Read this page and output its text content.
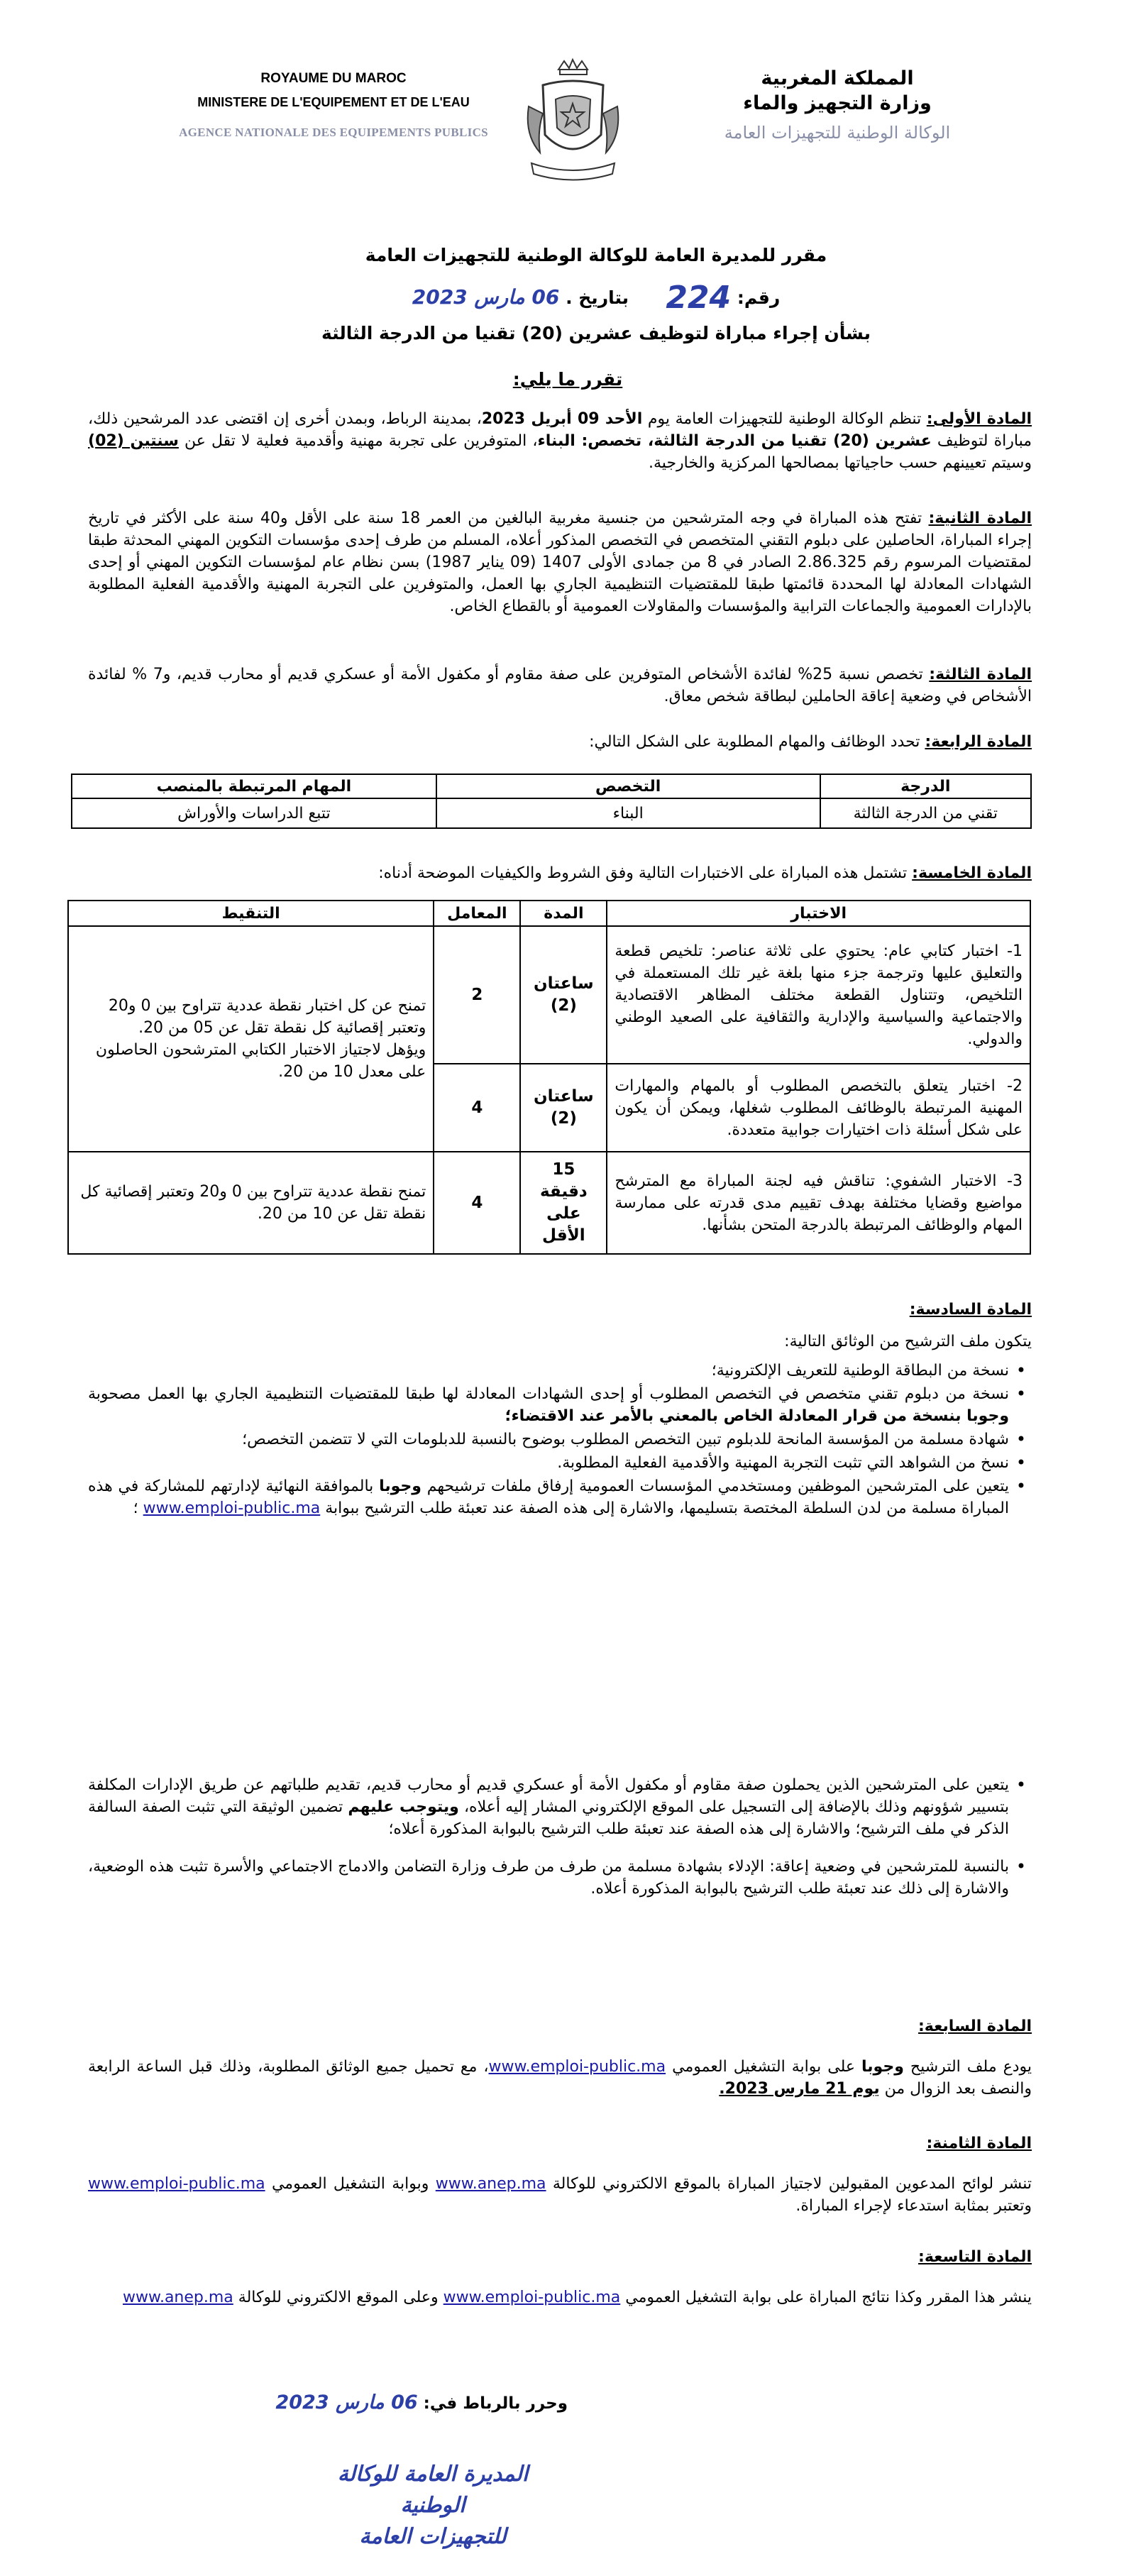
ROYAUME DU MAROC
MINISTERE DE L'EQUIPEMENT ET DE L'EAU
AGENCE NATIONALE DES EQUIPEMENTS PUBLICS
المملكة المغربية
وزارة التجهيز والماء
الوكالة الوطنية للتجهيزات العامة
مقرر للمديرة العامة للوكالة الوطنية للتجهيزات العامة
رقم: 224      بتاريخ . 06 مارس 2023
بشأن إجراء مباراة لتوظيف عشرين (20) تقنيا من الدرجة الثالثة
تقرر ما يلي:
المادة الأولى: تنظم الوكالة الوطنية للتجهيزات العامة يوم الأحد 09 أبريل 2023، بمدينة الرباط، وبمدن أخرى إن اقتضى عدد المرشحين ذلك، مباراة لتوظيف عشرين (20) تقنيا من الدرجة الثالثة، تخصص: البناء، المتوفرين على تجربة مهنية وأقدمية فعلية لا تقل عن سنتين (02) وسيتم تعيينهم حسب حاجياتها بمصالحها المركزية والخارجية.
المادة الثانية: تفتح هذه المباراة في وجه المترشحين من جنسية مغربية البالغين من العمر 18 سنة على الأقل و40 سنة على الأكثر في تاريخ إجراء المباراة، الحاصلين على دبلوم التقني المتخصص في التخصص المذكور أعلاه، المسلم من طرف إحدى مؤسسات التكوين المهني المحدثة طبقا لمقتضيات المرسوم رقم 2.86.325 الصادر في 8 من جمادى الأولى 1407 (09 يناير 1987) بسن نظام عام لمؤسسات التكوين المهني أو إحدى الشهادات المعادلة لها المحددة قائمتها طبقا للمقتضيات التنظيمية الجاري بها العمل، والمتوفرين على التجربة المهنية والأقدمية الفعلية المطلوبة بالإدارات العمومية والجماعات الترابية والمؤسسات والمقاولات العمومية أو بالقطاع الخاص.
المادة الثالثة: تخصص نسبة 25% لفائدة الأشخاص المتوفرين على صفة مقاوم أو مكفول الأمة أو عسكري قديم أو محارب قديم، و7 % لفائدة الأشخاص في وضعية إعاقة الحاملين لبطاقة شخص معاق.
المادة الرابعة: تحدد الوظائف والمهام المطلوبة على الشكل التالي:
الدرجة	التخصص	المهام المرتبطة بالمنصب
تقني من الدرجة الثالثة	البناء	تتبع الدراسات والأوراش
المادة الخامسة: تشتمل هذه المباراة على الاختبارات التالية وفق الشروط والكيفيات الموضحة أدناه:
الاختبار	المدة	المعامل	التنقيط
1- اختبار كتابي عام: يحتوي على ثلاثة عناصر: تلخيص قطعة والتعليق عليها وترجمة جزء منها بلغة غير تلك المستعملة في التلخيص، وتتناول القطعة مختلف المظاهر الاقتصادية والاجتماعية والسياسية والإدارية والثقافية على الصعيد الوطني والدولي.	ساعتان (2)	2	تمنح عن كل اختبار نقطة عددية تتراوح بين 0 و20 وتعتبر إقصائية كل نقطة تقل عن 05 من 20.
ويؤهل لاجتياز الاختبار الكتابي المترشحون الحاصلون على معدل 10 من 20.

2- اختبار يتعلق بالتخصص المطلوب أو بالمهام والمهارات المهنية المرتبطة بالوظائف المطلوب شغلها، ويمكن أن يكون على شكل أسئلة ذات اختيارات جوابية متعددة.	ساعتان (2)	4	
3- الاختبار الشفوي: تناقش فيه لجنة المباراة مع المترشح مواضيع وقضايا مختلفة بهدف تقييم مدى قدرته على ممارسة المهام والوظائف المرتبطة بالدرجة المتحن بشأنها.	15 دقيقة على الأقل	4	تمنح نقطة عددية تتراوح بين 0 و20 وتعتبر إقصائية كل نقطة تقل عن 10 من 20.
المادة السادسة:
يتكون ملف الترشيح من الوثائق التالية:
• نسخة من البطاقة الوطنية للتعريف الإلكترونية؛
• نسخة من دبلوم تقني متخصص في التخصص المطلوب أو إحدى الشهادات المعادلة لها طبقا للمقتضيات التنظيمية الجاري بها العمل مصحوبة وجوبا بنسخة من قرار المعادلة الخاص بالمعني بالأمر عند الاقتضاء؛
• شهادة مسلمة من المؤسسة المانحة للدبلوم تبين التخصص المطلوب بوضوح بالنسبة للدبلومات التي لا تتضمن التخصص؛
• نسخ من الشواهد التي تثبت التجربة المهنية والأقدمية الفعلية المطلوبة.
• يتعين على المترشحين الموظفين ومستخدمي المؤسسات العمومية إرفاق ملفات ترشيحهم وجوبا بالموافقة النهائية لإدارتهم للمشاركة في هذه المباراة مسلمة من لدن السلطة المختصة بتسليمها، والاشارة إلى هذه الصفة عند تعبئة طلب الترشيح ببوابة www.emploi-public.ma ؛
• يتعين على المترشحين الذين يحملون صفة مقاوم أو مكفول الأمة أو عسكري قديم أو محارب قديم، تقديم طلباتهم عن طريق الإدارات المكلفة بتسيير شؤونهم وذلك بالإضافة إلى التسجيل على الموقع الإلكتروني المشار إليه أعلاه، ويتوجب عليهم تضمين الوثيقة التي تثبت الصفة السالفة الذكر في ملف الترشيح؛ والاشارة إلى هذه الصفة عند تعبئة طلب الترشيح بالبوابة المذكورة أعلاه؛
• بالنسبة للمترشحين في وضعية إعاقة: الإدلاء بشهادة مسلمة من طرف من طرف وزارة التضامن والادماج الاجتماعي والأسرة تثبت هذه الوضعية، والاشارة إلى ذلك عند تعبئة طلب الترشيح بالبوابة المذكورة أعلاه.
المادة السابعة:
يودع ملف الترشيح وجوبا على بوابة التشغيل العمومي www.emploi-public.ma، مع تحميل جميع الوثائق المطلوبة، وذلك قبل الساعة الرابعة والنصف بعد الزوال من يوم 21 مارس 2023.
المادة الثامنة:
تنشر لوائح المدعوين المقبولين لاجتياز المباراة بالموقع الالكتروني للوكالة www.anep.ma وبوابة التشغيل العمومي www.emploi-public.ma وتعتبر بمثابة استدعاء لإجراء المباراة.
المادة التاسعة:
ينشر هذا المقرر وكذا نتائج المباراة على بوابة التشغيل العمومي www.emploi-public.ma وعلى الموقع الالكتروني للوكالة www.anep.ma
وحرر بالرباط في: 06 مارس 2023
المديرة العامة للوكالة الوطنية
للتجهيزات العامة
